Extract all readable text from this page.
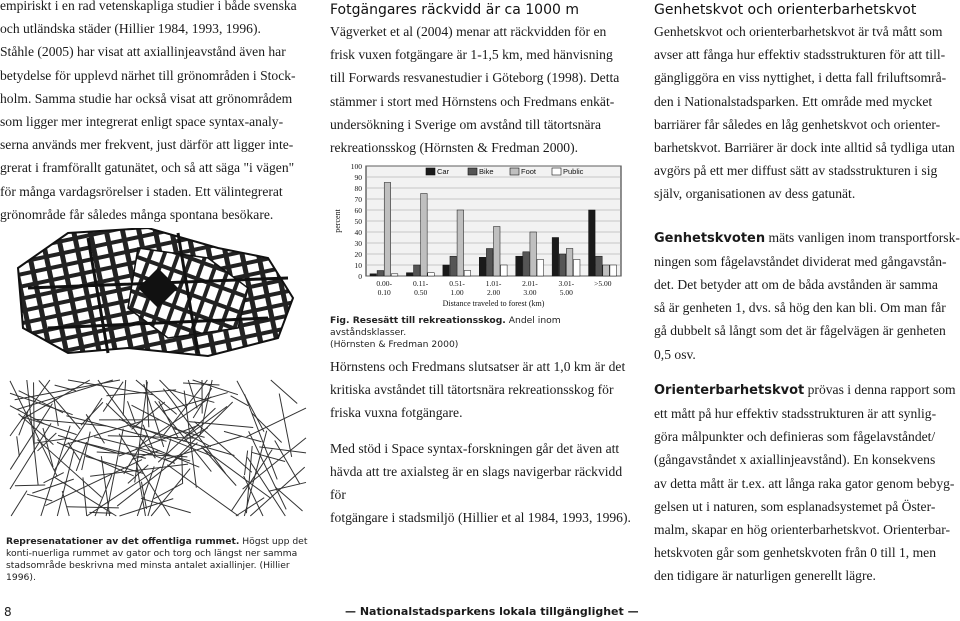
empiriskt i en rad vetenskapliga studier i både svenska

och utländska städer (Hillier 1984, 1993, 1996).

Ståhle (2005) har visat att axiallinjeavstånd även har

betydelse för upplevd närhet till grönområden i Stock-

holm. Samma studie har också visat att grönområdem

som ligger mer integrerat enligt space syntax-analy-

serna används mer frekvent, just därför att ligger inte-

grerat i framförallt gatunätet, och så att säga "i vägen"

för många vardagsrörelser i staden. Ett välintegrerat

grönområde får således många spontana besökare.

Represenatationer av det offentliga rummet. Högst upp det konti-nuerliga rummet av gator och torg och längst ner samma stadsområde beskrivna med minsta antalet axiallinjer. (Hillier 1996).
Fotgängares räckvidd är ca 1000 m

Vägverket et al (2004) menar att räckvidden för en

frisk vuxen fotgängare är 1-1,5 km, med hänvisning

till Forwards resvanestudier i Göteborg (1998). Detta

stämmer i stort med Hörnstens och Fredmans enkät-

undersökning i Sverige om avstånd till tätortsnära

rekreationsskog (Hörnsten & Fredman 2000).

0
10
20
30
40
50
60
70
80
90
100
percent
Car	Bike	Foot	Public
0.00-
0.10
0.11-
0.50
0.51-
1.00
1.01-
2.00
2.01-
3.00
3.01-
5.00
>5.00
Distance traveled to forest (km)
Fig. Resesätt till rekreationsskog. Andel inom avståndsklasser.
(Hörnsten & Fredman 2000)

Hörnstens och Fredmans slutsatser är att 1,0 km är det

kritiska avståndet till tätortsnära rekreationsskog för

friska vuxna fotgängare.

Med stöd i Space syntax-forskningen går det även att

hävda att tre axialsteg är en slags navigerbar räckvidd för

fotgängare i stadsmiljö (Hillier et al 1984, 1993, 1996).

Genhetskvot och orienterbarhetskvot

Genhetskvot och orienterbarhetskvot är två mått som

avser att fånga hur effektiv stadsstrukturen för att till-

gängliggöra en viss nyttighet, i detta fall friluftsområ-

den i Nationalstadsparken. Ett område med mycket

barriärer får således en låg genhetskvot och orienter-

barhetskvot. Barriärer är dock inte alltid så tydliga utan

avgörs på ett mer diffust sätt av stadsstrukturen i sig

själv, organisationen av dess gatunät.

Genhetskvoten mäts vanligen inom transportforsk-

ningen som fågelavståndet dividerat med gångavstån-

det. Det betyder att om de båda avstånden är samma

så är genheten 1, dvs. så hög den kan bli. Om man får

gå dubbelt så långt som det är fågelvägen är genheten

0,5 osv.

Orienterbarhetskvot prövas i denna rapport som

ett mått på hur effektiv stadsstrukturen är att synlig-

göra målpunkter och definieras som fågelavståndet/

(gångavståndet x axiallinjeavstånd). En konsekvens

av detta mått är t.ex. att långa raka gator genom bebyg-

gelsen ut i naturen, som esplanadsystemet på Öster-

malm, skapar en hög orienterbarhetskvot. Orienterbar-

hetskvoten går som genhetskvoten från 0 till 1, men

den tidigare är naturligen generellt lägre.

8	— Nationalstadsparkens lokala tillgänglighet —
